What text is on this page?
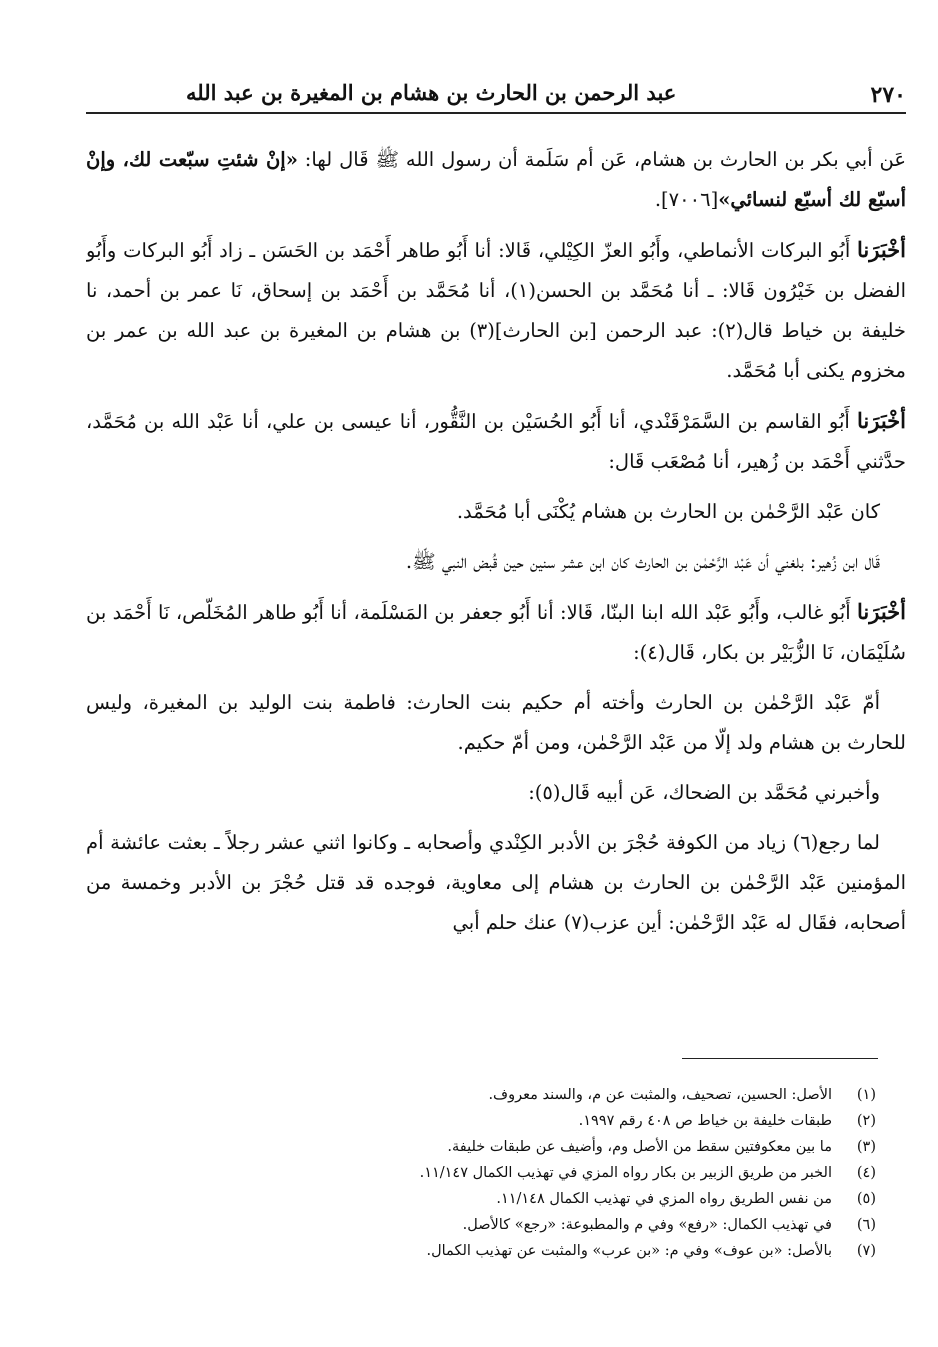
عبد الرحمن بن الحارث بن هشام بن المغيرة بن عبد الله	٢٧٠

عَن أبي بكر بن الحارث بن هشام، عَن أم سَلَمة أن رسول الله ﷺ قَال لها: «إنْ شئتِ سبّعت لك، وإنْ أسبّع لك أسبّع لنسائي»[٧٠٠٦].

أخْبَرَنا أَبُو البركات الأنماطي، وأَبُو العزّ الكِيْلي، قَالا: أنا أَبُو طاهر أَحْمَد بن الحَسَن ـ زاد أَبُو البركات وأَبُو الفضل بن خَيْرُون قَالا: ـ أنا مُحَمَّد بن الحسن(١)، أنا مُحَمَّد بن أَحْمَد بن إسحاق، نَا عمر بن أحمد، نا خليفة بن خياط قال(٢): عبد الرحمن [بن الحارث](٣) بن هشام بن المغيرة بن عبد الله بن عمر بن مخزوم يكنى أبا مُحَمَّد.

أخْبَرَنا أَبُو القاسم بن السَّمَرْقَنْدي، أنا أَبُو الحُسَيْن بن النَّقُّور، أنا عيسى بن علي، أنا عَبْد الله بن مُحَمَّد، حدَّثني أَحْمَد بن زُهير، أنا مُصْعَب قَال:

كان عَبْد الرَّحْمٰن بن الحارث بن هشام يُكْنَى أبا مُحَمَّد.

قَال ابن زُهير: بلغني أن عَبْد الرَّحْمٰن بن الحارث كان ابن عشر سنين حين قُبض النبي ﷺ.

أخْبَرَنا أَبُو غالب، وأَبُو عَبْد الله ابنا البنّا، قَالا: أنا أَبُو جعفر بن المَسْلَمة، أنا أَبُو طاهر المُخَلّص، نَا أَحْمَد بن سُلَيْمَان، نَا الزُّبَيْر بن بكار، قَال(٤):

أمّ عَبْد الرَّحْمٰن بن الحارث وأخته أم حكيم بنت الحارث: فاطمة بنت الوليد بن المغيرة، وليس للحارث بن هشام ولد إلّا من عَبْد الرَّحْمٰن، ومن أمّ حكيم.

وأخبرني مُحَمَّد بن الضحاك، عَن أبيه قَال(٥):

لما رجع(٦) زياد من الكوفة حُجْرَ بن الأدبر الكِنْدي وأصحابه ـ وكانوا اثني عشر رجلاً ـ بعثت عائشة أم المؤمنين عَبْد الرَّحْمٰن بن الحارث بن هشام إلى معاوية، فوجده قد قتل حُجْرَ بن الأدبر وخمسة من أصحابه، فقَال له عَبْد الرَّحْمٰن: أين عزب(٧) عنك حلم أبي

(١)الأصل: الحسين، تصحيف، والمثبت عن م، والسند معروف.
(٢)طبقات خليفة بن خياط ص ٤٠٨ رقم ١٩٩٧.
(٣)ما بين معكوفتين سقط من الأصل وم، وأضيف عن طبقات خليفة.
(٤)الخبر من طريق الزبير بن بكار رواه المزي في تهذيب الكمال ١١/١٤٧.
(٥)من نفس الطريق رواه المزي في تهذيب الكمال ١١/١٤٨.
(٦)في تهذيب الكمال: «رفع» وفي م والمطبوعة: «رجع» كالأصل.
(٧)بالأصل: «بن عوف» وفي م: «بن عرب» والمثبت عن تهذيب الكمال.
